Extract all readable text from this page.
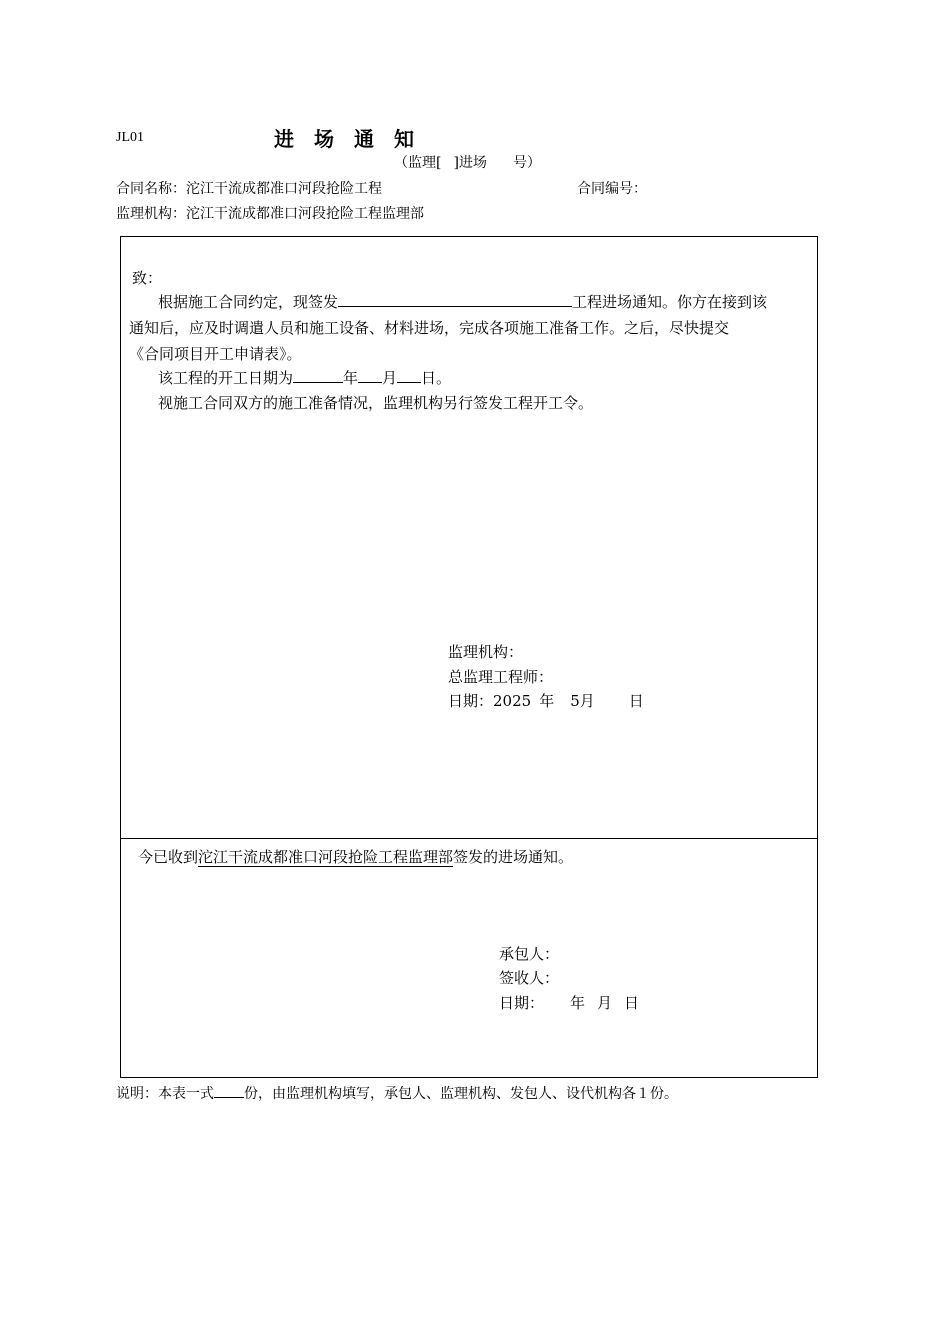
JL01	进场通知
（监理[ ]进场 号）
合同名称：沱江干流成都准口河段抢险工程	合同编号：
监理机构：沱江干流成都准口河段抢险工程监理部
致：
根据施工合同约定，现签发	工程进场通知。你方在接到该
通知后，应及时调遣人员和施工设备、材料进场，完成各项施工准备工作。之后，尽快提交
《合同项目开工申请表》。
该工程的开工日期为	年 月 日。
视施工合同双方的施工准备情况，监理机构另行签发工程开工令。
监理机构：
总监理工程师：
日期：2025 年 5月 日
今已收到沱江干流成都准口河段抢险工程监理部签发的进场通知。
承包人：
签收人：
日期： 年 月 日
说明：本表一式 份，由监理机构填写，承包人、监理机构、发包人、设代机构各１份。
